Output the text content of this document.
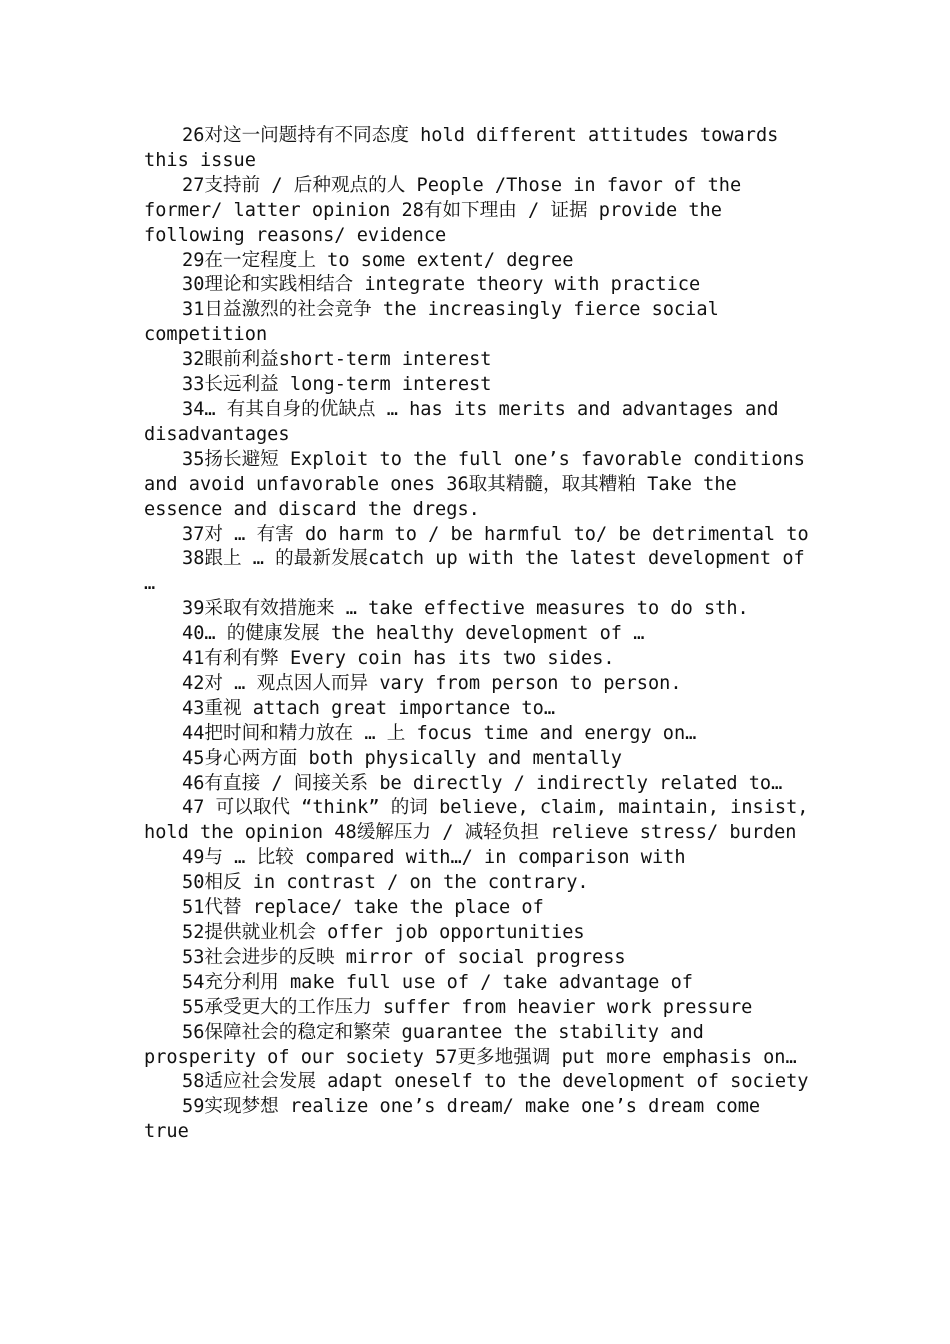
26对这一问题持有不同态度 hold different attitudes towards this issue

27支持前 / 后种观点的人 People /Those in favor of the former/ latter opinion 28有如下理由 / 证据 provide the following reasons/ evidence

29在一定程度上 to some extent/ degree

30理论和实践相结合 integrate theory with practice

31日益激烈的社会竞争 the increasingly fierce social competition

32眼前利益short-term interest

33长远利益 long-term interest

34… 有其自身的优缺点 … has its merits and advantages and disadvantages

35扬长避短 Exploit to the full one’s favorable conditions and avoid unfavorable ones 36取其精髓，取其糟粕 Take the essence and discard the dregs.

37对 … 有害 do harm to / be harmful to/ be detrimental to

38跟上 … 的最新发展catch up with the latest development of …

39采取有效措施来 … take effective measures to do sth.

40… 的健康发展 the healthy development of …

41有利有弊 Every coin has its two sides.

42对 … 观点因人而异 vary from person to person.

43重视 attach great importance to…

44把时间和精力放在 … 上 focus time and energy on…

45身心两方面 both physically and mentally

46有直接 / 间接关系 be directly / indirectly related to…

47 可以取代 “think” 的词 believe, claim, maintain, insist, hold the opinion 48缓解压力 / 减轻负担 relieve stress/ burden

49与 … 比较 compared with…/ in comparison with

50相反 in contrast / on the contrary.

51代替 replace/ take the place of

52提供就业机会 offer job opportunities

53社会进步的反映 mirror of social progress

54充分利用 make full use of / take advantage of

55承受更大的工作压力 suffer from heavier work pressure

56保障社会的稳定和繁荣 guarantee the stability and prosperity of our society 57更多地强调 put more emphasis on…

58适应社会发展 adapt oneself to the development of society

59实现梦想 realize one’s dream/ make one’s dream come true
